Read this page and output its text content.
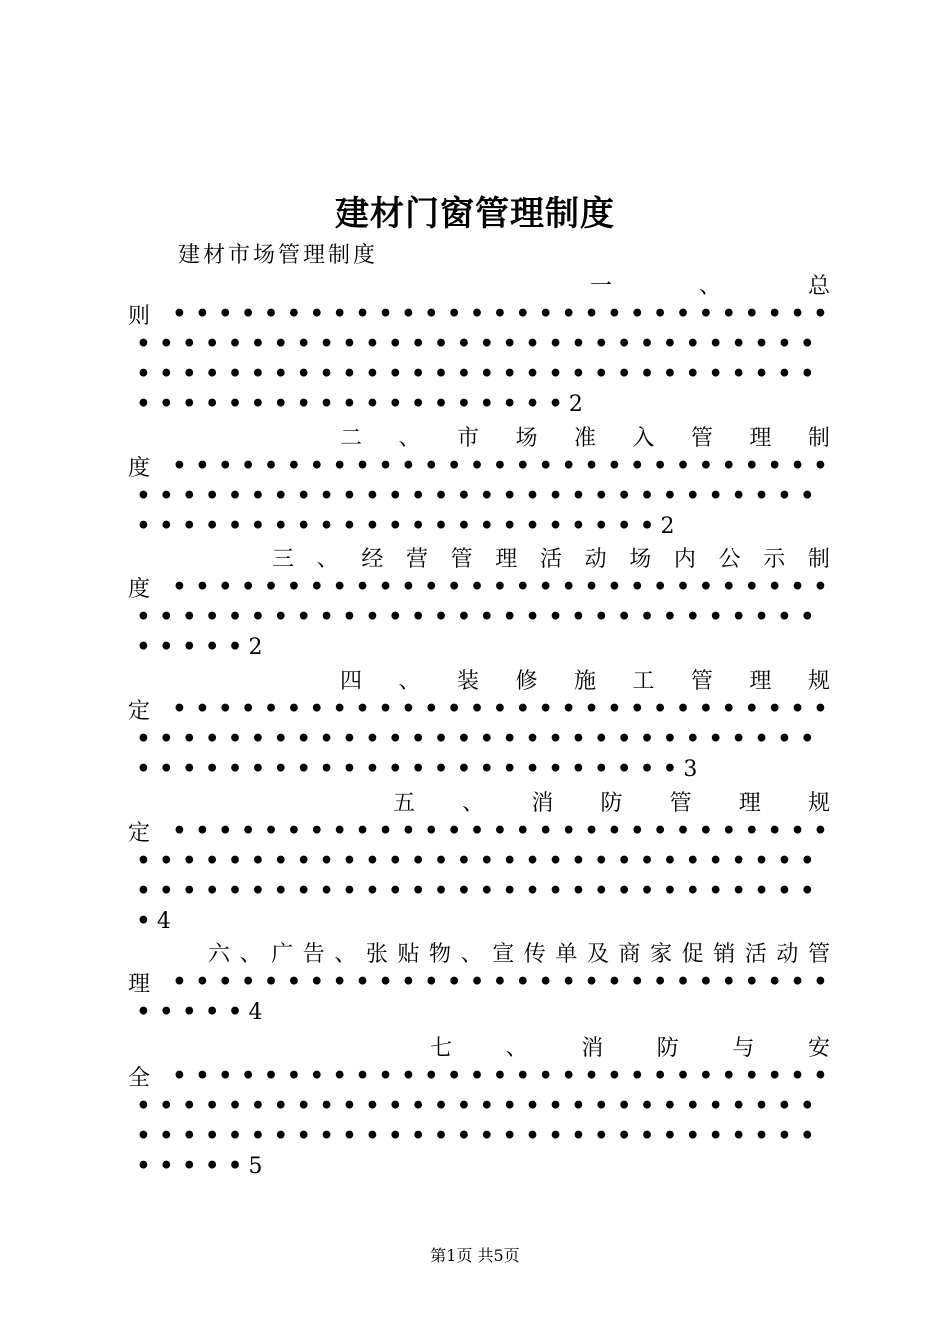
建材门窗管理制度
建材市场管理制度
一	、	总
则 • • • • • • • • • • • • • • • • • • • • • • • • • • • • •
• • • • • • • • • • • • • • • • • • • • • • • • • • • • • •
• • • • • • • • • • • • • • • • • • • • • • • • • • • • • •
• • • • • • • • • • • • • • • • • • • 2
二 、 市 场 准 入 管 理 制
度 • • • • • • • • • • • • • • • • • • • • • • • • • • • • •
• • • • • • • • • • • • • • • • • • • • • • • • • • • • • •
• • • • • • • • • • • • • • • • • • • • • • • 2
三 、 经 营 管 理 活 动 场 内 公 示 制
度 • • • • • • • • • • • • • • • • • • • • • • • • • • • • •
• • • • • • • • • • • • • • • • • • • • • • • • • • • • • •
• • • • • 2
四 、 装 修 施 工 管 理 规
定 • • • • • • • • • • • • • • • • • • • • • • • • • • • • •
• • • • • • • • • • • • • • • • • • • • • • • • • • • • • •
• • • • • • • • • • • • • • • • • • • • • • • • 3
五 、 消 防 管 理 规
定 • • • • • • • • • • • • • • • • • • • • • • • • • • • • •
• • • • • • • • • • • • • • • • • • • • • • • • • • • • • •
• • • • • • • • • • • • • • • • • • • • • • • • • • • • • •
• 4
六 、 广 告 、 张 贴 物 、 宣 传 单 及 商 家 促 销 活 动 管
理 • • • • • • • • • • • • • • • • • • • • • • • • • • • • •
• • • • • 4
七 、 消 防 与 安
全 • • • • • • • • • • • • • • • • • • • • • • • • • • • • •
• • • • • • • • • • • • • • • • • • • • • • • • • • • • • •
• • • • • • • • • • • • • • • • • • • • • • • • • • • • • •
• • • • • 5
第1页 共5页
